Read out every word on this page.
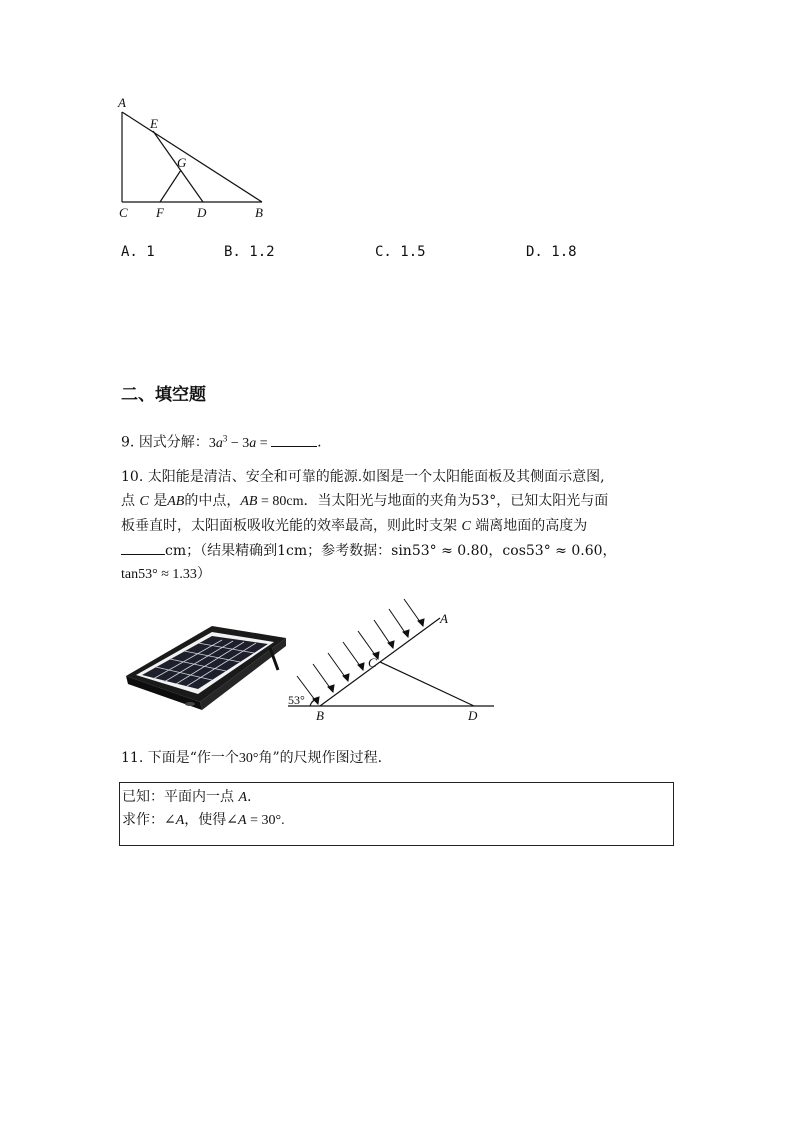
A
E
G
C F	D	B
A. 1	B. 1.2	C. 1.5	D. 1.8
二、填空题
9. 因式分解：$3a^3 - 3a$ =	.
10. 太阳能是清洁、安全和可靠的能源.如图是一个太阳能面板及其侧面示意图,
点 C 是AB的中点，AB = 80cm．当太阳光与地面的夹角为53°，已知太阳光与面
板垂直时，太阳面板吸收光能的效率最高，则此时支架 C 端离地面的高度为
cm；（结果精确到1cm；参考数据：sin53° ≈ 0.80，cos53° ≈ 0.60，
tan53° ≈ 1.33）
53°
A
C
B	D
11. 下面是“作一个30°角”的尺规作图过程.
已知：平面内一点 A.
求作：∠A，使得∠A = 30°.
